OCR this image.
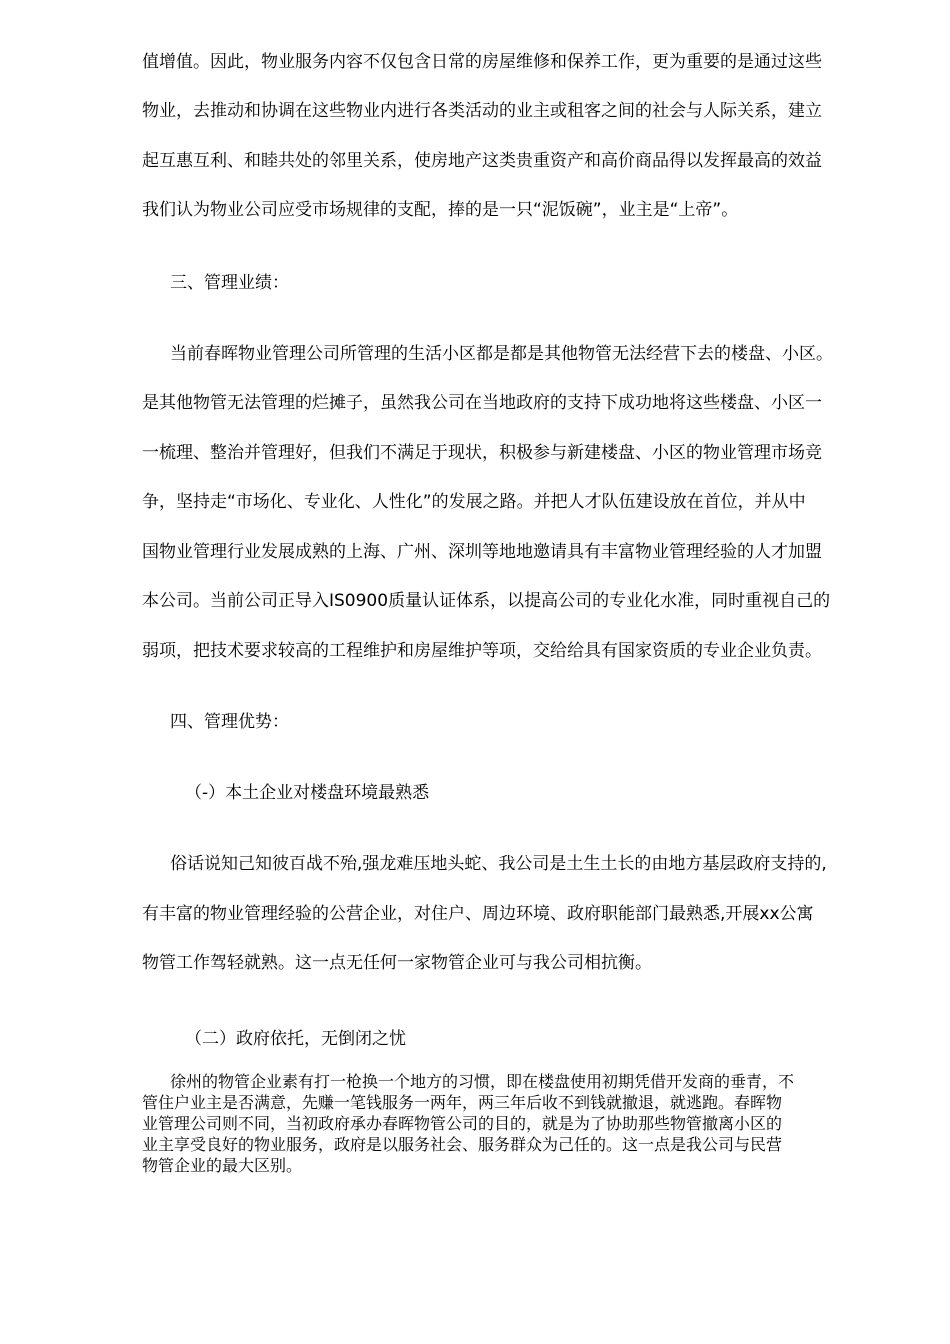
值增值。因此，物业服务内容不仅包含日常的房屋维修和保养工作，更为重要的是通过这些
物业，去推动和协调在这些物业内进行各类活动的业主或租客之间的社会与人际关系，建立
起互惠互利、和睦共处的邻里关系，使房地产这类贵重资产和高价商品得以发挥最高的效益
我们认为物业公司应受市场规律的支配，捧的是一只“泥饭碗”，业主是“上帝”。
三、管理业绩：
当前春晖物业管理公司所管理的生活小区都是都是其他物管无法经营下去的楼盘、小区。
是其他物管无法管理的烂摊子，虽然我公司在当地政府的支持下成功地将这些楼盘、小区一
一梳理、整治并管理好，但我们不满足于现状，积极参与新建楼盘、小区的物业管理市场竞
争，坚持走“市场化、专业化、人性化”的发展之路。并把人才队伍建设放在首位，并从中
国物业管理行业发展成熟的上海、广州、深圳等地地邀请具有丰富物业管理经验的人才加盟
本公司。当前公司正导入IS0900质量认证体系，以提高公司的专业化水准，同时重视自己的
弱项，把技术要求较高的工程维护和房屋维护等项，交给给具有国家资质的专业企业负责。
四、管理优势：
（-）本土企业对楼盘环境最熟悉
俗话说知己知彼百战不殆,强龙难压地头蛇、我公司是土生土长的由地方基层政府支持的,
有丰富的物业管理经验的公营企业，对住户、周边环境、政府职能部门最熟悉,开展xx公寓
物管工作驾轻就熟。这一点无任何一家物管企业可与我公司相抗衡。
（二）政府依托，无倒闭之忧
徐州的物管企业素有打一枪换一个地方的习惯，即在楼盘使用初期凭借开发商的垂青，不
管住户业主是否满意，先赚一笔钱服务一两年，两三年后收不到钱就撤退，就逃跑。春晖物
业管理公司则不同，当初政府承办春晖物管公司的目的，就是为了协助那些物管撤离小区的
业主享受良好的物业服务，政府是以服务社会、服务群众为己任的。这一点是我公司与民营
物管企业的最大区别。
